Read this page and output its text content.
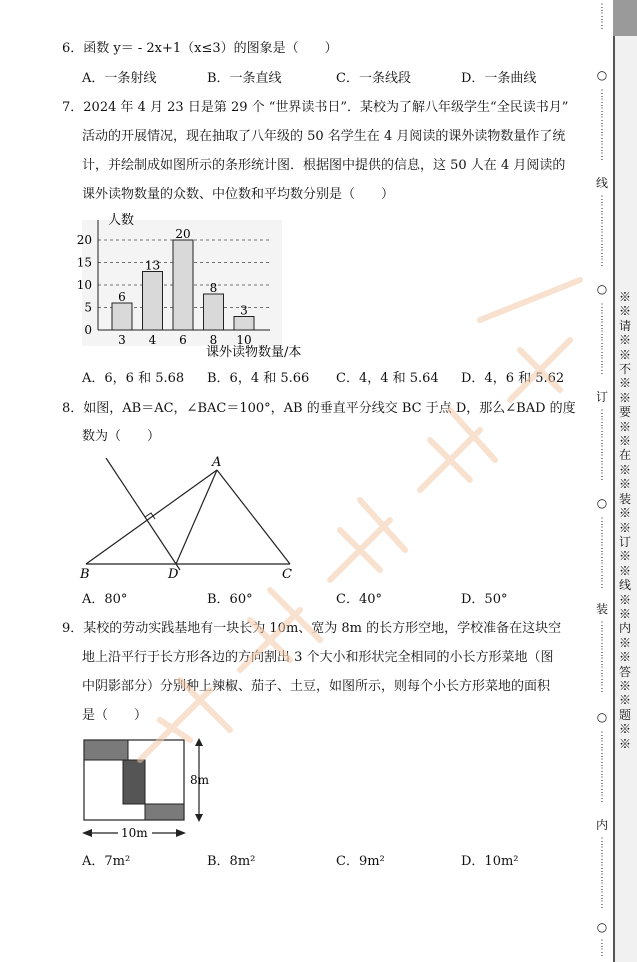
6．函数 y＝ - 2x+1（x≤3）的图象是（　　）
A．一条射线	B．一条直线	C．一条线段	D．一条曲线
7．2024 年 4 月 23 日是第 29 个 “世界读书日”．某校为了解八年级学生“全民读书月”
活动的开展情况，现在抽取了八年级的 50 名学生在 4 月阅读的课外读物数量作了统
计，并绘制成如图所示的条形统计图．根据图中提供的信息，这 50 人在 4 月阅读的
课外读物数量的众数、中位数和平均数分别是（　　）
0
5
10
15
20
6
3
13
4
20
6
8
8
3
10
人数
课外读物数量/本
A．6，6 和 5.68 B．6，4 和 5.66 C．4，4 和 5.64 D．4，6 和 5.62
8．如图，AB＝AC，∠BAC＝100°，AB 的垂直平分线交 BC 于点 D，那么∠BAD 的度
数为（　　）
A
B	C
D
A．80°	B．60°	C．40°	D．50°
9．某校的劳动实践基地有一块长为 10m、宽为 8m 的长方形空地，学校准备在这块空
地上沿平行于长方形各边的方向割出 3 个大小和形状完全相同的小长方形菜地（图
中阴影部分）分别种上辣椒、茄子、土豆，如图所示，则每个小长方形菜地的面积
是（　　）
8m
10m
A．7m²	B．8m²	C．9m²	D．10m²
⋮
⋮
⋮
○
⋮
⋮
⋮
⋮
⋮
⋮
⋮
⋮
线
⋮
⋮
⋮
⋮
⋮
⋮
⋮
⋮
○
⋮
⋮
⋮
⋮
⋮
⋮
⋮
⋮
订
⋮
⋮
⋮
⋮
⋮
⋮
⋮
⋮
○
⋮
⋮
⋮
⋮
⋮
⋮
⋮
⋮
装
⋮
⋮
⋮
⋮
⋮
⋮
⋮
⋮
○
⋮
⋮
⋮
⋮
⋮
⋮
⋮
⋮
内
⋮
⋮
⋮
⋮
⋮
⋮
⋮
⋮
○
⋮
⋮
※※请※※不※※要※※在※※装※※订※※线※※内※※答※※题※※
